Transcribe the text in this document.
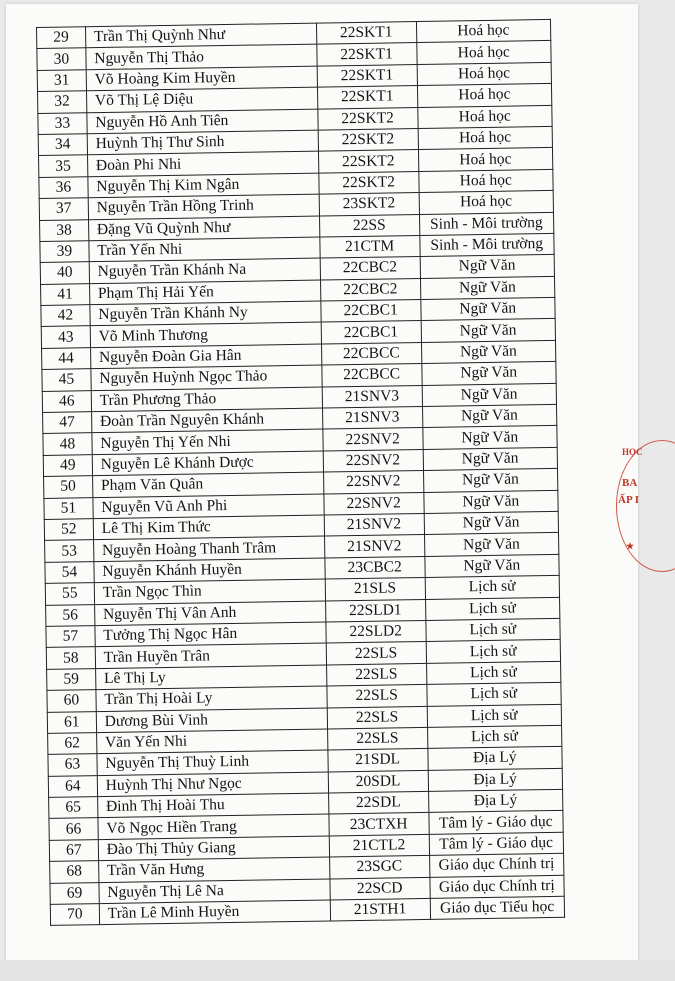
29	Trần Thị Quỳnh Như	22SKT1	Hoá học
30	Nguyễn Thị Thảo	22SKT1	Hoá học
31	Võ Hoàng Kim Huyền	22SKT1	Hoá học
32	Võ Thị Lệ Diệu	22SKT1	Hoá học
33	Nguyễn Hồ Anh Tiên	22SKT2	Hoá học
34	Huỳnh Thị Thư Sinh	22SKT2	Hoá học
35	Đoàn Phi Nhi	22SKT2	Hoá học
36	Nguyễn Thị Kim Ngân	22SKT2	Hoá học
37	Nguyễn Trần Hồng Trinh	23SKT2	Hoá học
38	Đặng Vũ Quỳnh Như	22SS	Sinh - Môi trường
39	Trần Yến Nhi	21CTM	Sinh - Môi trường
40	Nguyễn Trần Khánh Na	22CBC2	Ngữ Văn
41	Phạm Thị Hải Yến	22CBC2	Ngữ Văn
42	Nguyễn Trần Khánh Ny	22CBC1	Ngữ Văn
43	Võ Minh Thương	22CBC1	Ngữ Văn
44	Nguyễn Đoàn Gia Hân	22CBCC	Ngữ Văn
45	Nguyễn Huỳnh Ngọc Thảo	22CBCC	Ngữ Văn
46	Trần Phương Thảo	21SNV3	Ngữ Văn
47	Đoàn Trần Nguyên Khánh	21SNV3	Ngữ Văn
48	Nguyễn Thị Yến Nhi	22SNV2	Ngữ Văn
49	Nguyễn Lê Khánh Dược	22SNV2	Ngữ Văn
50	Phạm Văn Quân	22SNV2	Ngữ Văn
51	Nguyễn Vũ Anh Phi	22SNV2	Ngữ Văn
52	Lê Thị Kim Thức	21SNV2	Ngữ Văn
53	Nguyễn Hoàng Thanh Trâm	21SNV2	Ngữ Văn
54	Nguyễn Khánh Huyền	23CBC2	Ngữ Văn
55	Trần Ngọc Thìn	21SLS	Lịch sử
56	Nguyễn Thị Vân Anh	22SLD1	Lịch sử
57	Tưởng Thị Ngọc Hân	22SLD2	Lịch sử
58	Trần Huyền Trân	22SLS	Lịch sử
59	Lê Thị Ly	22SLS	Lịch sử
60	Trần Thị Hoài Ly	22SLS	Lịch sử
61	Dương Bùi Vinh	22SLS	Lịch sử
62	Văn Yến Nhi	22SLS	Lịch sử
63	Nguyễn Thị Thuỳ Linh	21SDL	Địa Lý
64	Huỳnh Thị Như Ngọc	20SDL	Địa Lý
65	Đinh Thị Hoài Thu	22SDL	Địa Lý
66	Võ Ngọc Hiền Trang	23CTXH	Tâm lý - Giáo dục
67	Đào Thị Thủy Giang	21CTL2	Tâm lý - Giáo dục
68	Trần Văn Hưng	23SGC	Giáo dục Chính trị
69	Nguyễn Thị Lê Na	22SCD	Giáo dục Chính trị
70	Trần Lê Minh Huyền	21STH1	Giáo dục Tiểu học
HỌC
BA
ẤP I
★
